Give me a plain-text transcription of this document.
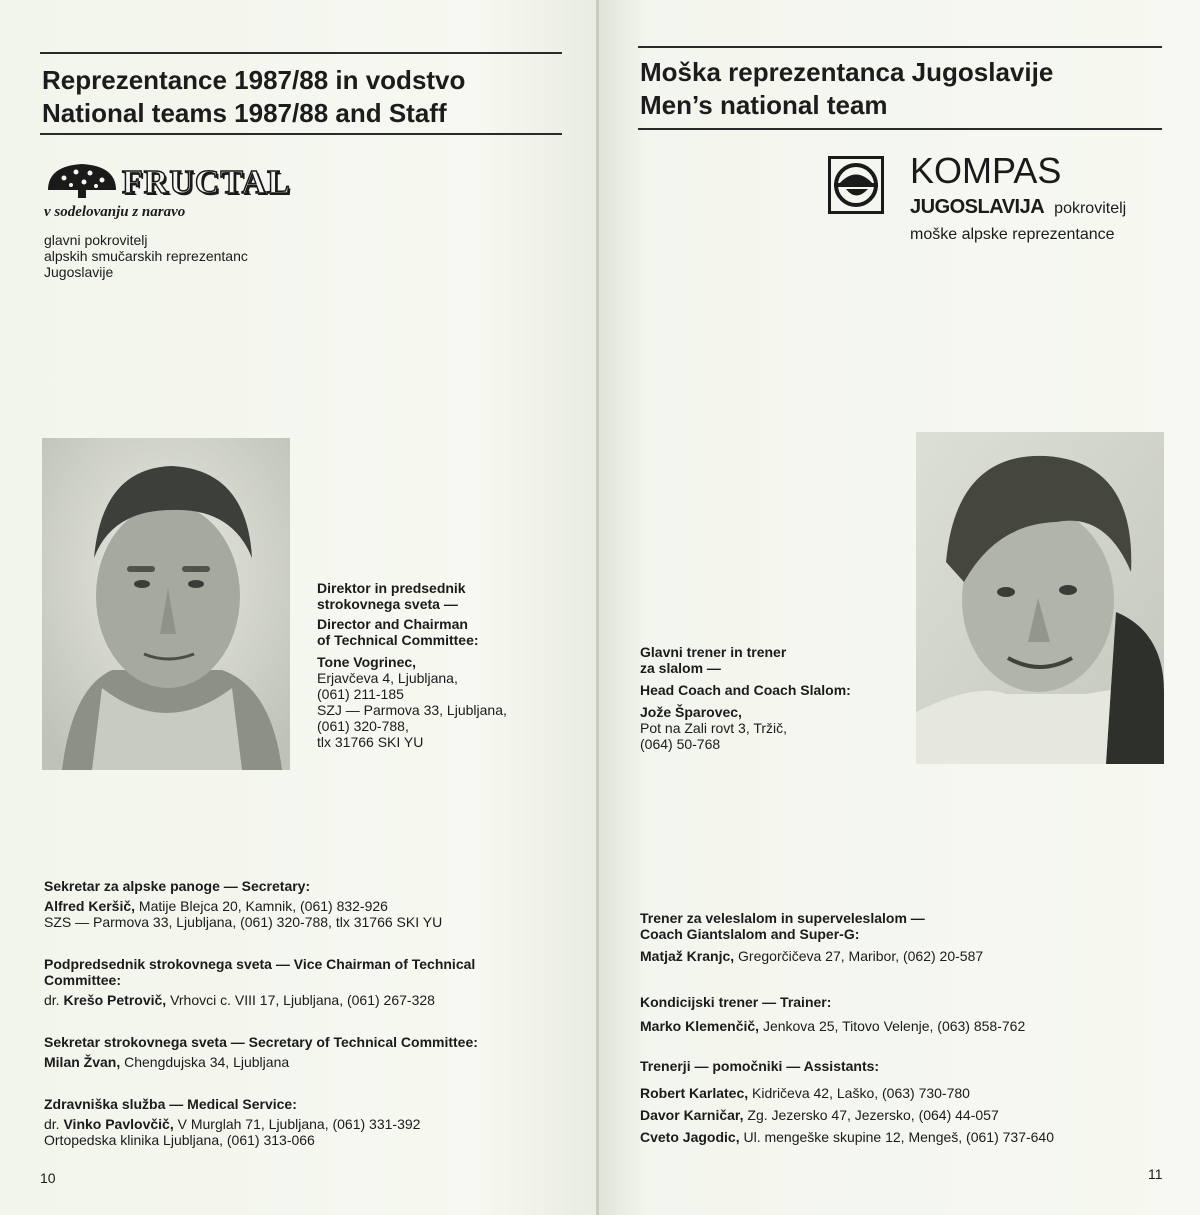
Reprezentance 1987/88 in vodstvo
National teams 1987/88 and Staff
FRUCTAL
v sodelovanju z naravo
glavni pokrovitelj
alpskih smučarskih reprezentanc
Jugoslavije
Direktor in predsednik
strokovnega sveta —
Director and Chairman
of Technical Committee:
Tone Vogrinec,
Erjavčeva 4, Ljubljana,
(061) 211-185
SZJ — Parmova 33, Ljubljana,
(061) 320-788,
tlx 31766 SKI YU
Sekretar za alpske panoge — Secretary:
Alfred Keršič, Matije Blejca 20, Kamnik, (061) 832-926
SZS — Parmova 33, Ljubljana, (061) 320-788, tlx 31766 SKI YU
Podpredsednik strokovnega sveta — Vice Chairman of Technical
Committee:
dr. Krešo Petrovič, Vrhovci c. VIII 17, Ljubljana, (061) 267-328
Sekretar strokovnega sveta — Secretary of Technical Committee:
Milan Žvan, Chengdujska 34, Ljubljana
Zdravniška služba — Medical Service:
dr. Vinko Pavlovčič, V Murglah 71, Ljubljana, (061) 331-392
Ortopedska klinika Ljubljana, (061) 313-066
10
Moška reprezentanca Jugoslavije
Men’s national team
KOMPAS
JUGOSLAVIJA pokrovitelj
moške alpske reprezentance
Glavni trener in trener
za slalom —
Head Coach and Coach Slalom:
Jože Šparovec,
Pot na Zali rovt 3, Tržič,
(064) 50-768
Trener za veleslalom in superveleslalom —
Coach Giantslalom and Super-G:
Matjaž Kranjc, Gregorčičeva 27, Maribor, (062) 20-587
Kondicijski trener — Trainer:
Marko Klemenčič, Jenkova 25, Titovo Velenje, (063) 858-762
Trenerji — pomočniki — Assistants:
Robert Karlatec, Kidričeva 42, Laško, (063) 730-780
Davor Karničar, Zg. Jezersko 47, Jezersko, (064) 44-057
Cveto Jagodic, Ul. mengeške skupine 12, Mengeš, (061) 737-640
11
